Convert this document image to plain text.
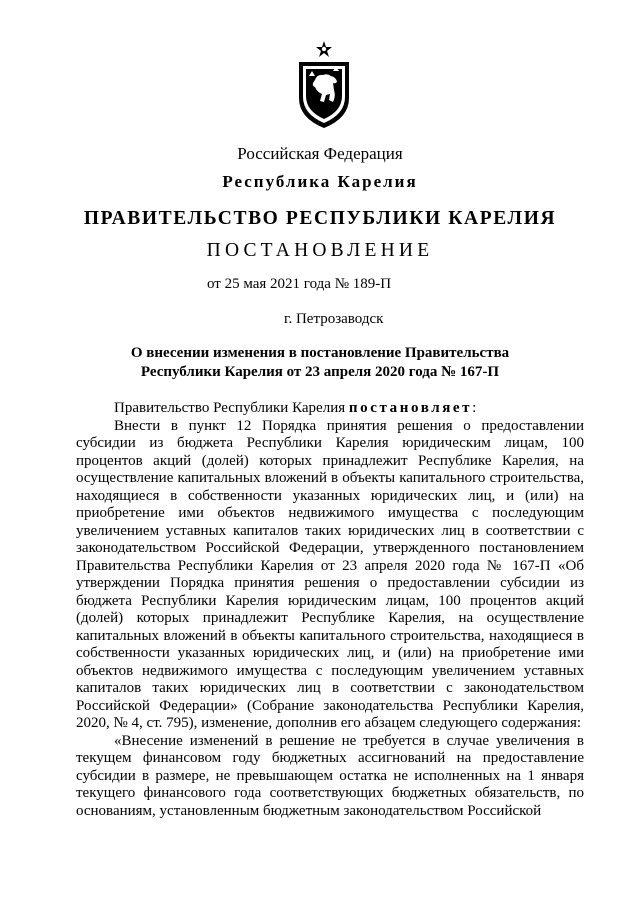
Российская Федерация
Республика Карелия
ПРАВИТЕЛЬСТВО РЕСПУБЛИКИ КАРЕЛИЯ
ПОСТАНОВЛЕНИЕ
от 25 мая 2021 года № 189-П
г. Петрозаводск
О внесении изменения в постановление Правительства
Республики Карелия от 23 апреля 2020 года № 167-П

Правительство Республики Карелия постановляет:

Внести в пункт 12 Порядка принятия решения о предоставлении субсидии из бюджета Республики Карелия юридическим лицам, 100 процентов акций (долей) которых принадлежит Республике Карелия, на осуществление капитальных вложений в объекты капитального строительства, находящиеся в собственности указанных юридических лиц, и (или) на приобретение ими объектов недвижимого имущества с последующим увеличением уставных капиталов таких юридических лиц в соответствии с законодательством Российской Федерации, утвержденного постановлением Правительства Республики Карелия от 23 апреля 2020 года № 167-П «Об утверждении Порядка принятия решения о предоставлении субсидии из бюджета Республики Карелия юридическим лицам, 100 процентов акций (долей) которых принадлежит Республике Карелия, на осуществление капитальных вложений в объекты капитального строительства, находящиеся в собственности указанных юридических лиц, и (или) на приобретение ими объектов недвижимого имущества с последующим увеличением уставных капиталов таких юридических лиц в соответствии с законодательством Российской Федерации» (Собрание законодательства Республики Карелия, 2020, № 4, ст. 795), изменение, дополнив его абзацем следующего содержания:

«Внесение изменений в решение не требуется в случае увеличения в текущем финансовом году бюджетных ассигнований на предоставление субсидии в размере, не превышающем остатка не исполненных на 1 января текущего финансового года соответствующих бюджетных обязательств, по основаниям, установленным бюджетным законодательством Российской
